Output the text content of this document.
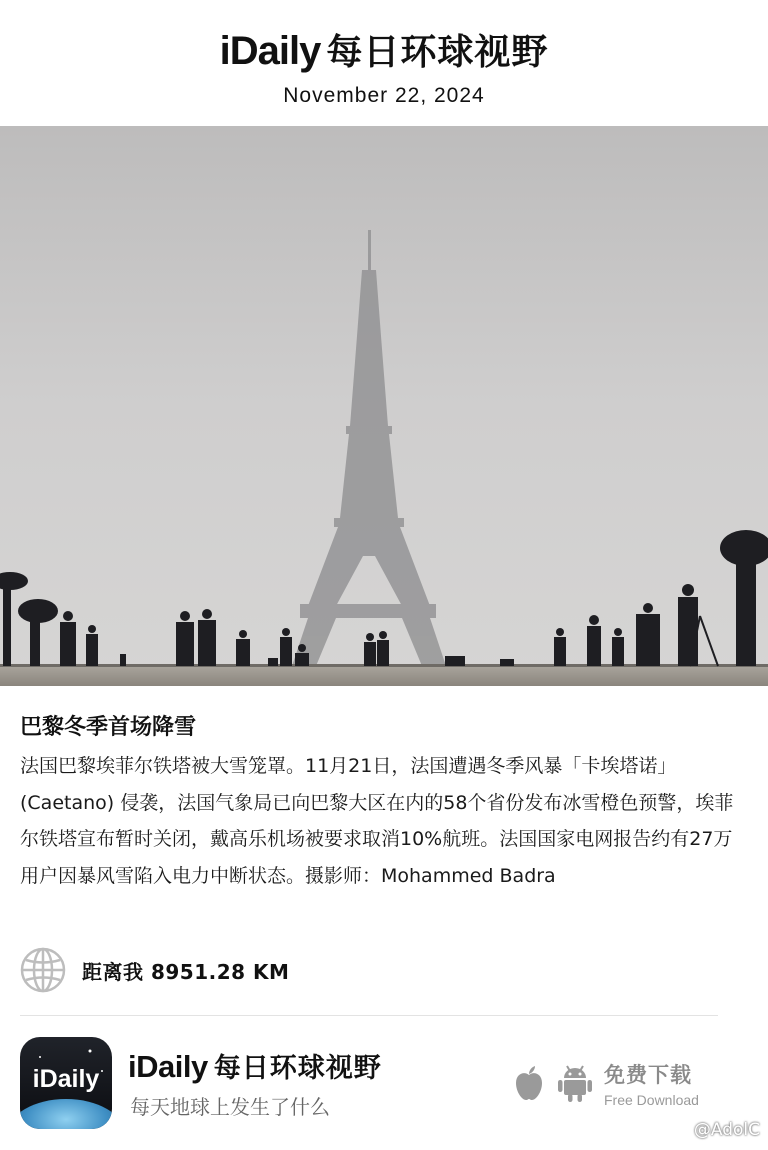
iDaily 每日环球视野
November 22, 2024
巴黎冬季首场降雪
法国巴黎埃菲尔铁塔被大雪笼罩。11月21日，法国遭遇冬季风暴「卡埃塔诺」(Caetano) 侵袭，法国气象局已向巴黎大区在内的58个省份发布冰雪橙色预警，埃菲尔铁塔宣布暂时关闭，戴高乐机场被要求取消10%航班。法国国家电网报告约有27万用户因暴风雪陷入电力中断状态。摄影师：Mohammed Badra
距离我 8951.28 KM
iDaily iDaily 每日环球视野
每天地球上发生了什么
免费下载
Free Download
@AdolC
